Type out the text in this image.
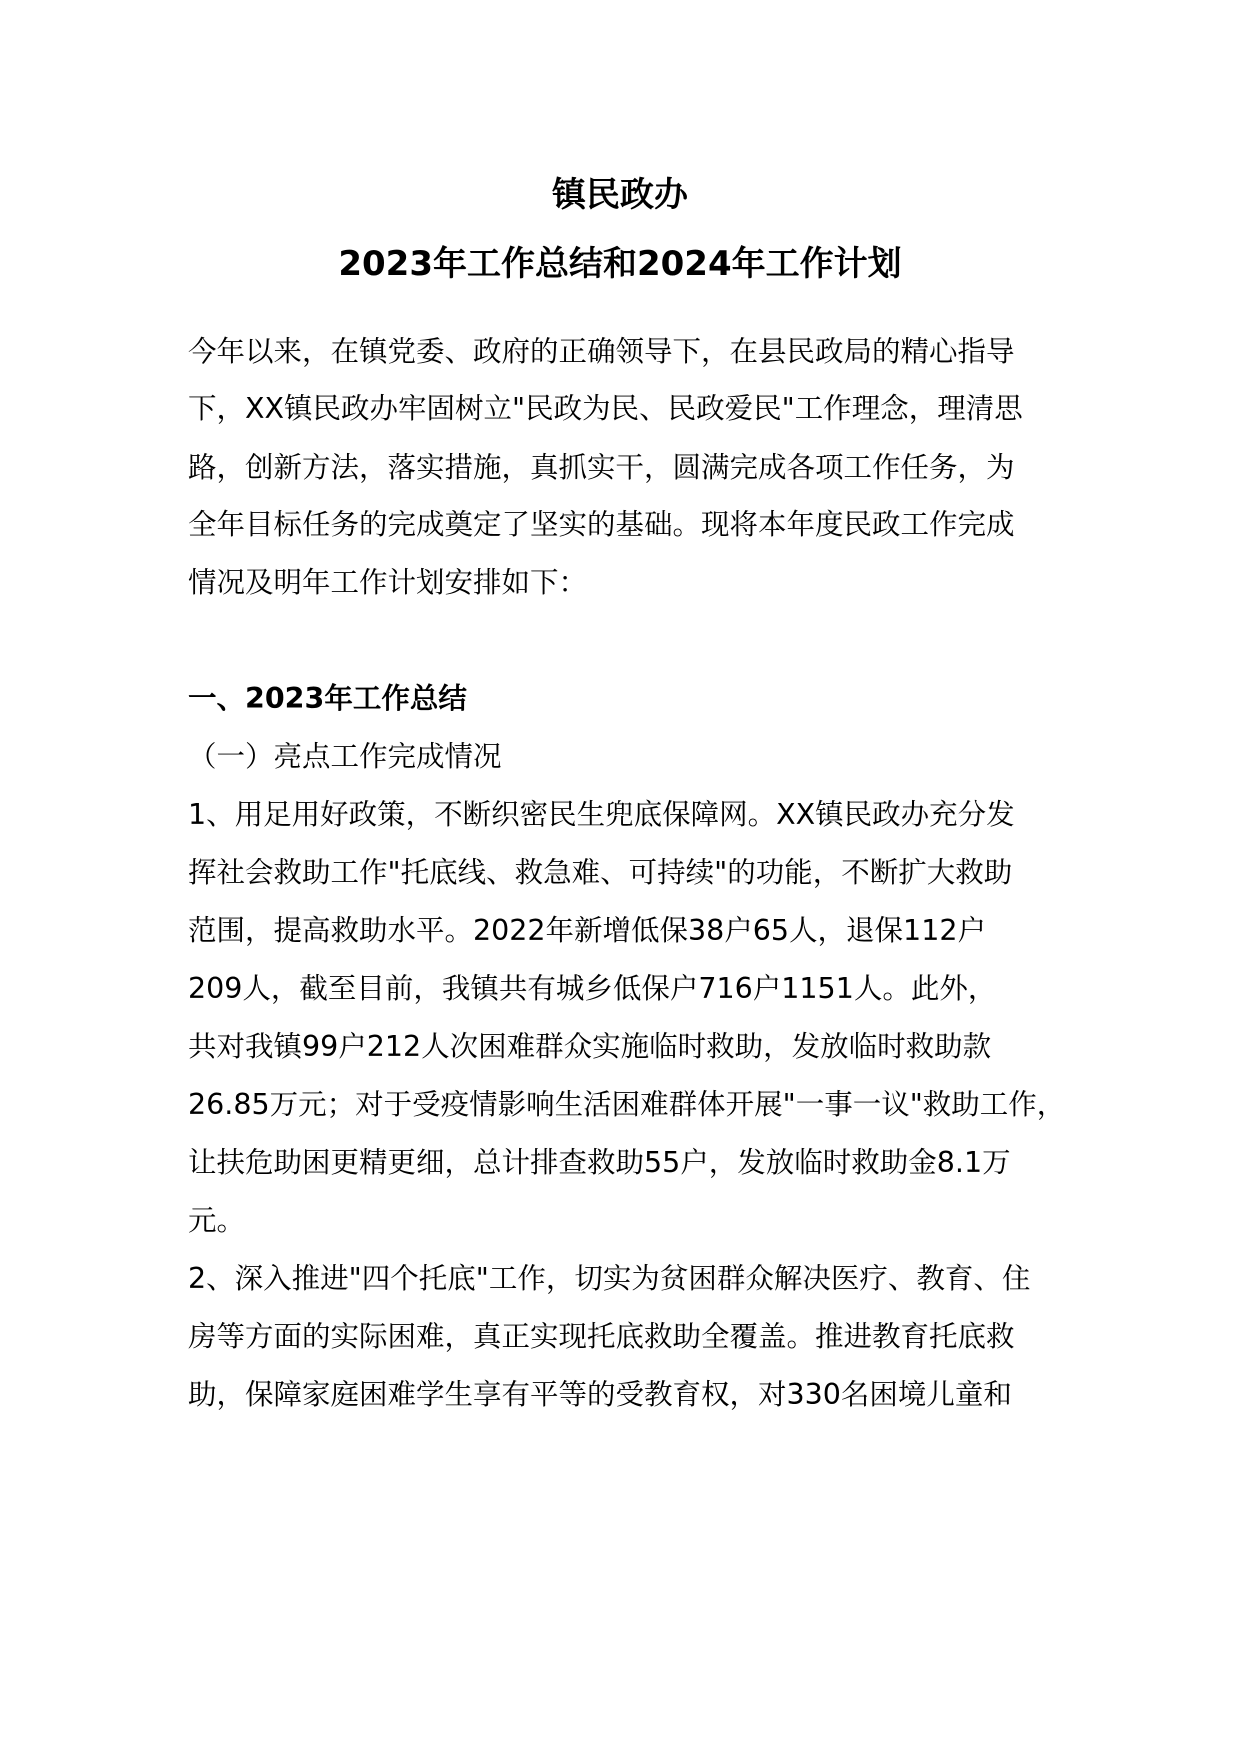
镇民政办
2023年工作总结和2024年工作计划
今年以来，在镇党委、政府的正确领导下，在县民政局的精心指导
下，XX镇民政办牢固树立"民政为民、民政爱民"工作理念，理清思
路，创新方法，落实措施，真抓实干，圆满完成各项工作任务，为
全年目标任务的完成奠定了坚实的基础。现将本年度民政工作完成
情况及明年工作计划安排如下：
一、2023年工作总结
（一）亮点工作完成情况
1、用足用好政策，不断织密民生兜底保障网。XX镇民政办充分发
挥社会救助工作"托底线、救急难、可持续"的功能，不断扩大救助
范围，提高救助水平。2022年新增低保38户65人，退保112户
209人，截至目前，我镇共有城乡低保户716户1151人。此外，
共对我镇99户212人次困难群众实施临时救助，发放临时救助款
26.85万元；对于受疫情影响生活困难群体开展"一事一议"救助工作，
让扶危助困更精更细，总计排查救助55户，发放临时救助金8.1万
元。
2、深入推进"四个托底"工作，切实为贫困群众解决医疗、教育、住
房等方面的实际困难，真正实现托底救助全覆盖。推进教育托底救
助，保障家庭困难学生享有平等的受教育权，对330名困境儿童和
